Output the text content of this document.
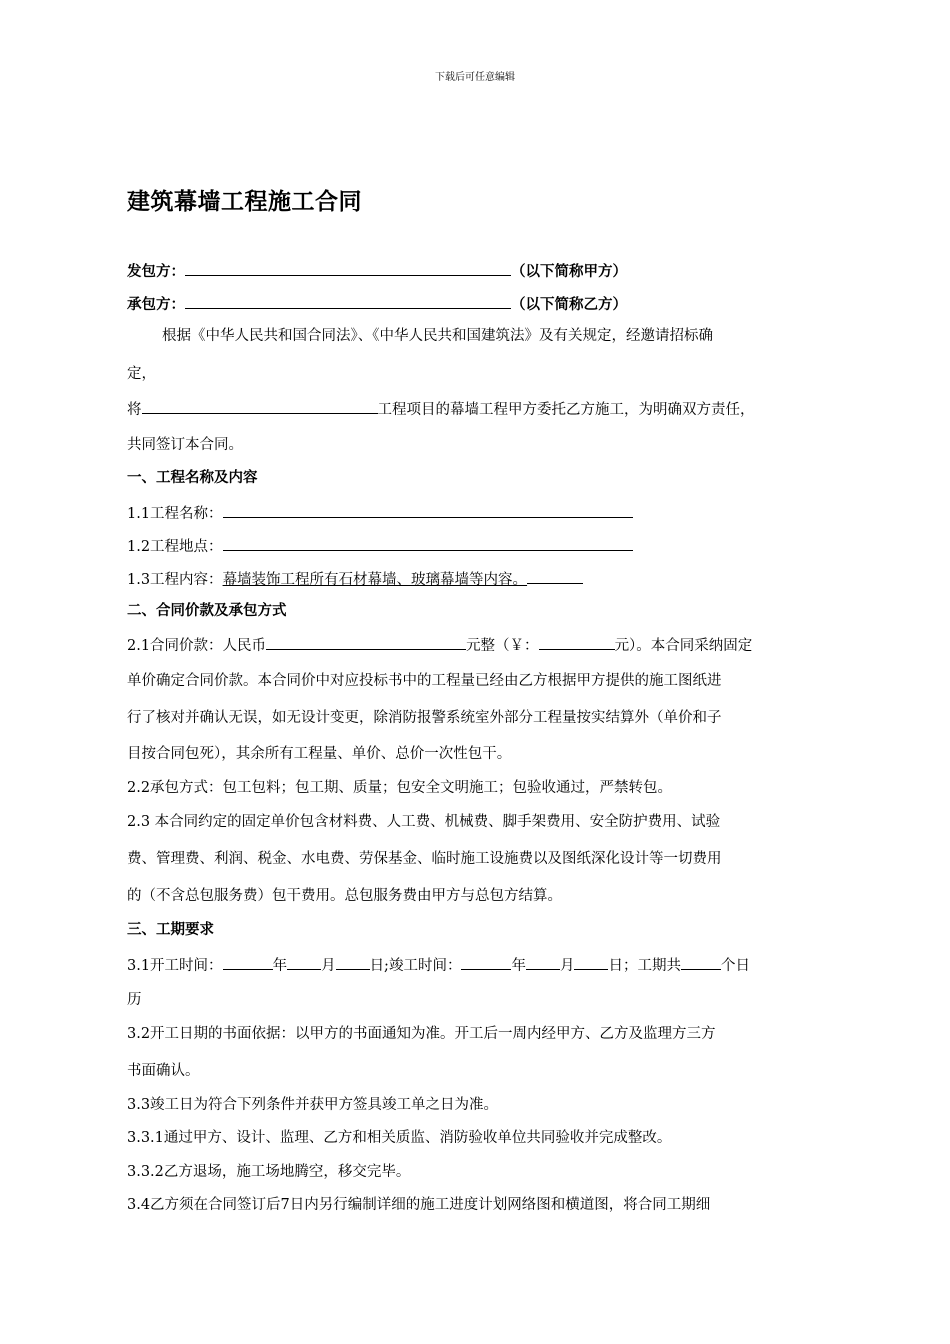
下载后可任意编辑
建筑幕墙工程施工合同
发包方：	（以下简称甲方）
承包方：	（以下简称乙方）
根据《中华人民共和国合同法》、《中华人民共和国建筑法》及有关规定，经邀请招标确
定，
将	工程项目的幕墙工程甲方委托乙方施工，为明确双方责任，
共同签订本合同。
一、工程名称及内容
1.1工程名称：
1.2工程地点：
1.3工程内容：幕墙装饰工程所有石材幕墙、玻璃幕墙等内容。
二、合同价款及承包方式
2.1合同价款：人民币	元整（￥：	元）。本合同采纳固定
单价确定合同价款。本合同价中对应投标书中的工程量已经由乙方根据甲方提供的施工图纸进
行了核对并确认无误，如无设计变更，除消防报警系统室外部分工程量按实结算外（单价和子
目按合同包死），其余所有工程量、单价、总价一次性包干。
2.2承包方式：包工包料；包工期、质量；包安全文明施工；包验收通过，严禁转包。
2.3 本合同约定的固定单价包含材料费、人工费、机械费、脚手架费用、安全防护费用、试验
费、管理费、利润、税金、水电费、劳保基金、临时施工设施费以及图纸深化设计等一切费用
的（不含总包服务费）包干费用。总包服务费由甲方与总包方结算。
三、工期要求
3.1开工时间：	年 月 日;竣工时间：	年 月 日；工期共	个日
历
3.2开工日期的书面依据：以甲方的书面通知为准。开工后一周内经甲方、乙方及监理方三方
书面确认。
3.3竣工日为符合下列条件并获甲方签具竣工单之日为准。
3.3.1通过甲方、设计、监理、乙方和相关质监、消防验收单位共同验收并完成整改。
3.3.2乙方退场，施工场地腾空，移交完毕。
3.4乙方须在合同签订后7日内另行编制详细的施工进度计划网络图和横道图，将合同工期细
